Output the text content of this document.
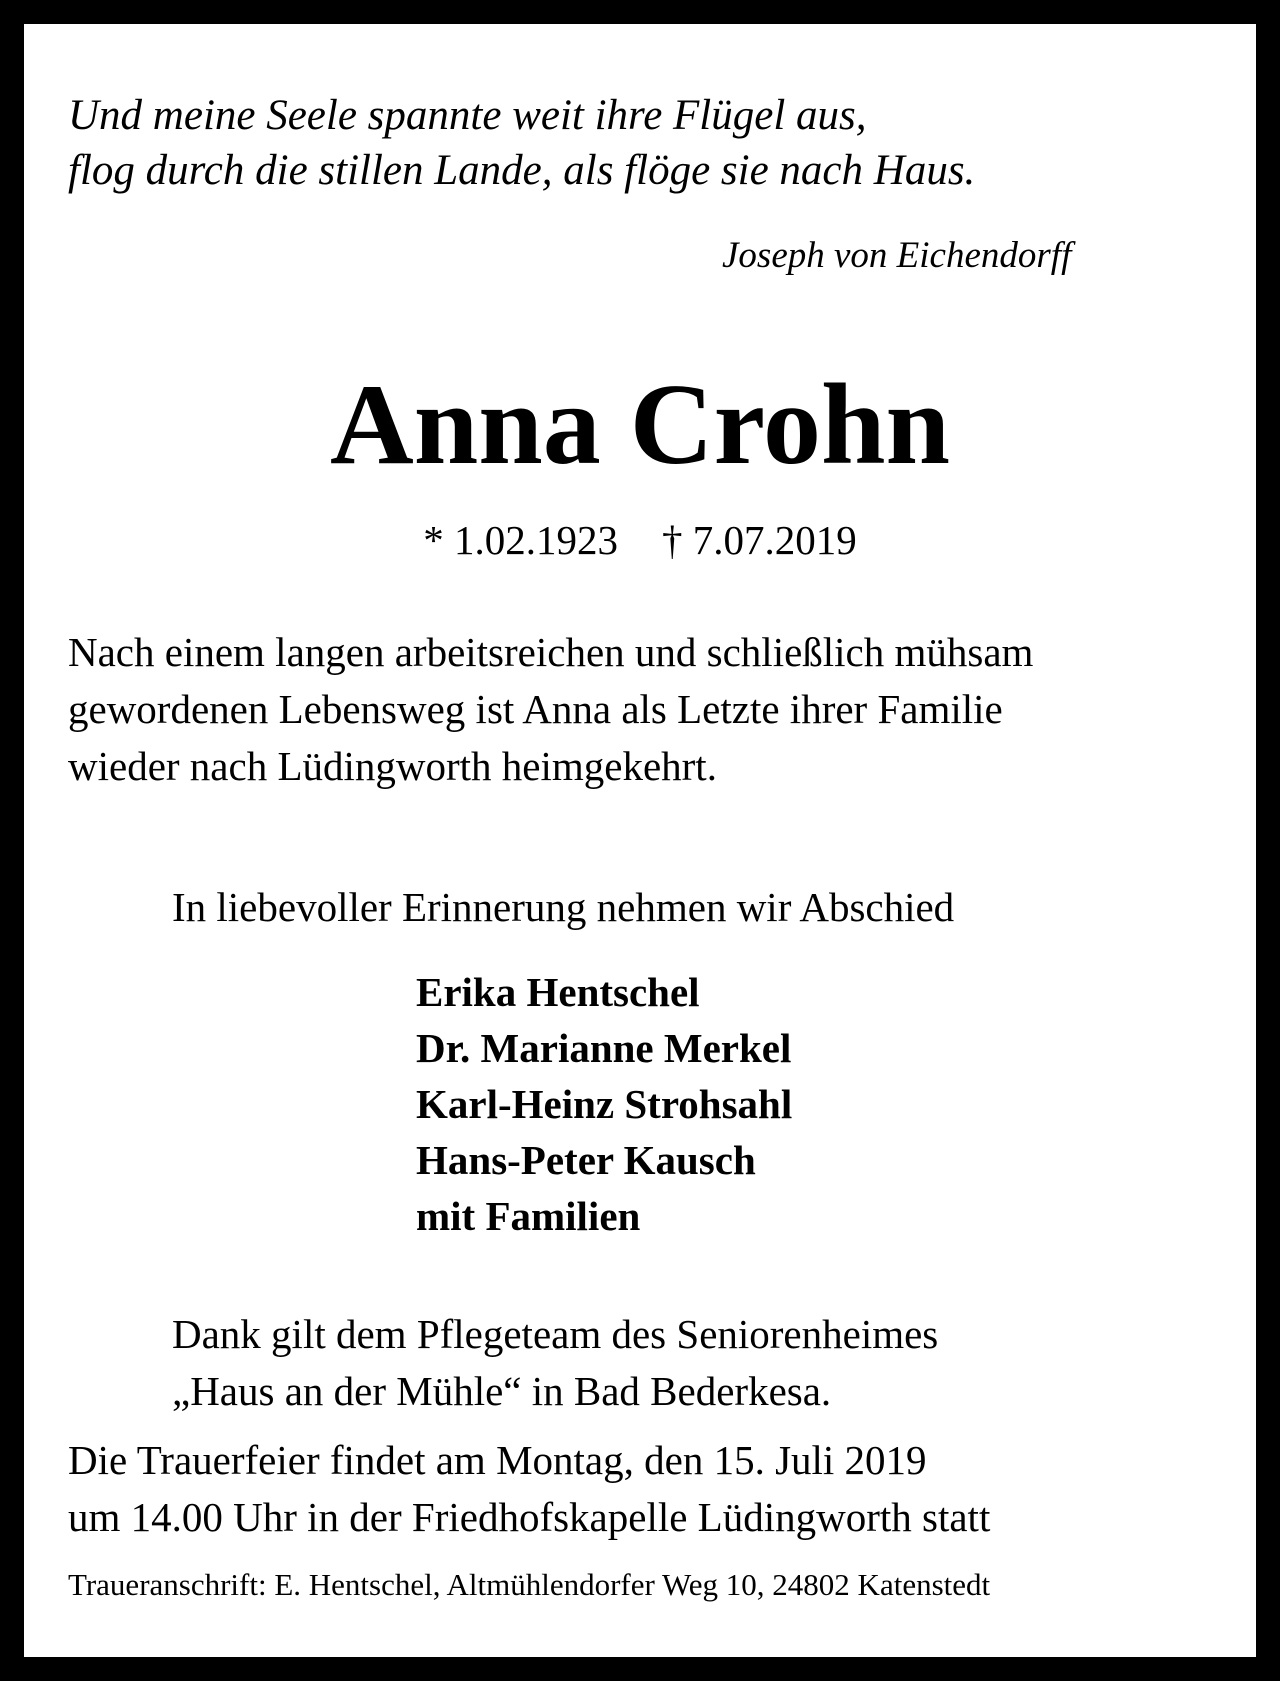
Und meine Seele spannte weit ihre Flügel aus,
flog durch die stillen Lande, als flöge sie nach Haus.
Joseph von Eichendorff
Anna Crohn
* 1.02.1923 † 7.07.2019
Nach einem langen arbeitsreichen und schließlich mühsam
gewordenen Lebensweg ist Anna als Letzte ihrer Familie
wieder nach Lüdingworth heimgekehrt.
In liebevoller Erinnerung nehmen wir Abschied
Erika Hentschel
Dr. Marianne Merkel
Karl-Heinz Strohsahl
Hans-Peter Kausch
mit Familien
Dank gilt dem Pflegeteam des Seniorenheimes
„Haus an der Mühle“ in Bad Bederkesa.
Die Trauerfeier findet am Montag, den 15. Juli 2019
um 14.00 Uhr in der Friedhofskapelle Lüdingworth statt
Traueranschrift: E. Hentschel, Altmühlendorfer Weg 10, 24802 Katenstedt
